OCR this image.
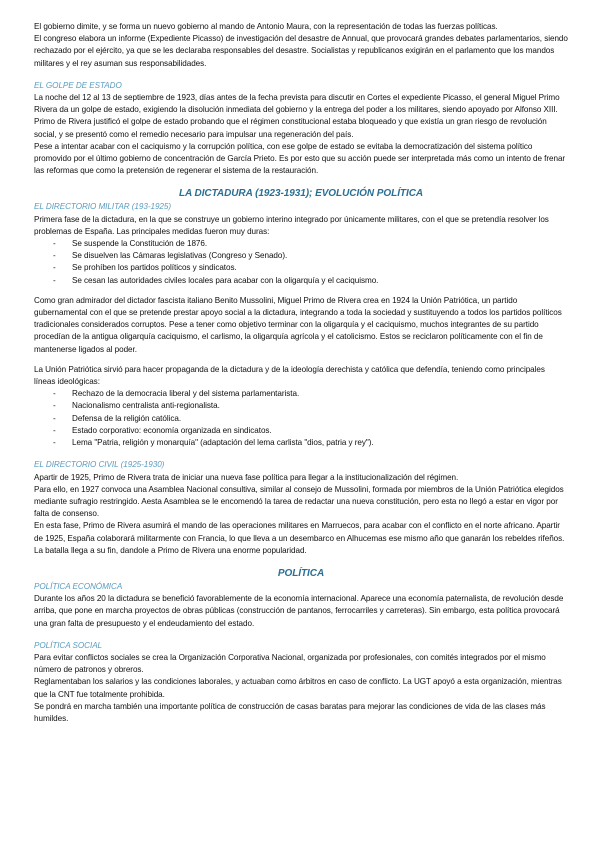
El gobierno dimite, y se forma un nuevo gobierno al mando de Antonio Maura, con la representación de todas las fuerzas políticas.

El congreso elabora un informe (Expediente Picasso) de investigación del desastre de Annual, que provocará grandes debates parlamentarios, siendo rechazado por el ejército, ya que se les declaraba responsables del desastre. Socialistas y republicanos exigirán en el parlamento que los mandos militares y el rey asuman sus responsabilidades.

EL GOLPE DE ESTADO

La noche del 12 al 13 de septiembre de 1923, días antes de la fecha prevista para discutir en Cortes el expediente Picasso, el general Miguel Primo Rivera da un golpe de estado, exigiendo la disolución inmediata del gobierno y la entrega del poder a los militares, siendo apoyado por Alfonso XIII.

Primo de Rivera justificó el golpe de estado probando que el régimen constitucional estaba bloqueado y que existía un gran riesgo de revolución social, y se presentó como el remedio necesario para impulsar una regeneración del país.

Pese a intentar acabar con el caciquismo y la corrupción política, con ese golpe de estado se evitaba la democratización del sistema político promovido por el último gobierno de concentración de García Prieto. Es por esto que su acción puede ser interpretada más como un intento de frenar las reformas que como la pretensión de regenerar el sistema de la restauración.

LA DICTADURA (1923-1931); EVOLUCIÓN POLÍTICA

EL DIRECTORIO MILITAR (193-1925)

Primera fase de la dictadura, en la que se construye un gobierno interino integrado por únicamente militares, con el que se pretendía resolver los problemas de España. Las principales medidas fueron muy duras:

- Se suspende la Constitución de 1876.
- Se disuelven las Cámaras legislativas (Congreso y Senado).
- Se prohíben los partidos políticos y sindicatos.
- Se cesan las autoridades civiles locales para acabar con la oligarquía y el caciquismo.

Como gran admirador del dictador fascista italiano Benito Mussolini, Miguel Primo de Rivera crea en 1924 la Unión Patriótica, un partido gubernamental con el que se pretende prestar apoyo social a la dictadura, integrando a toda la sociedad y sustituyendo a todos los partidos políticos tradicionales considerados corruptos. Pese a tener como objetivo terminar con la oligarquía y el caciquismo, muchos integrantes de su partido procedían de la antigua oligarquía caciquismo, el carlismo, la oligarquía agrícola y el catolicismo. Estos se reciclaron políticamente con el fin de mantenerse ligados al poder.

La Unión Patriótica sirvió para hacer propaganda de la dictadura y de la ideología derechista y católica que defendía, teniendo como principales líneas ideológicas:

- Rechazo de la democracia liberal y del sistema parlamentarista.
- Nacionalismo centralista anti-regionalista.
- Defensa de la religión católica.
- Estado corporativo: economía organizada en sindicatos.
- Lema "Patria, religión y monarquía" (adaptación del lema carlista "dios, patria y rey").

EL DIRECTORIO CIVIL (1925-1930)

Apartir de 1925, Primo de Rivera trata de iniciar una nueva fase política para llegar a la institucionalización del régimen.

Para ello, en 1927 convoca una Asamblea Nacional consultiva, similar al consejo de Mussolini, formada por miembros de la Unión Patriótica elegidos mediante sufragio restringido. Aesta Asamblea se le encomendó la tarea de redactar una nueva constitución, pero esta no llegó a estar en vigor por falta de consenso.

En esta fase, Primo de Rivera asumirá el mando de las operaciones militares en Marruecos, para acabar con el conflicto en el norte africano. Apartir de 1925, España colaborará militarmente con Francia, lo que lleva a un desembarco en Alhucemas ese mismo año que ganarán los rebeldes rifeños. La batalla llega a su fin, dandole a Primo de Rivera una enorme popularidad.

POLÍTICA

POLÍTICA ECONÓMICA

Durante los años 20 la dictadura se benefició favorablemente de la economía internacional. Aparece una economía paternalista, de revolución desde arriba, que pone en marcha proyectos de obras públicas (construcción de pantanos, ferrocarriles y carreteras). Sin embargo, esta política provocará una gran falta de presupuesto y el endeudamiento del estado.

POLÍTICA SOCIAL

Para evitar conflictos sociales se crea la Organización Corporativa Nacional, organizada por profesionales, con comités integrados por el mismo número de patronos y obreros.

Reglamentaban los salarios y las condiciones laborales, y actuaban como árbitros en caso de conflicto. La UGT apoyó a esta organización, mientras que la CNT fue totalmente prohibida.

Se pondrá en marcha también una importante política de construcción de casas baratas para mejorar las condiciones de vida de las clases más humildes.
